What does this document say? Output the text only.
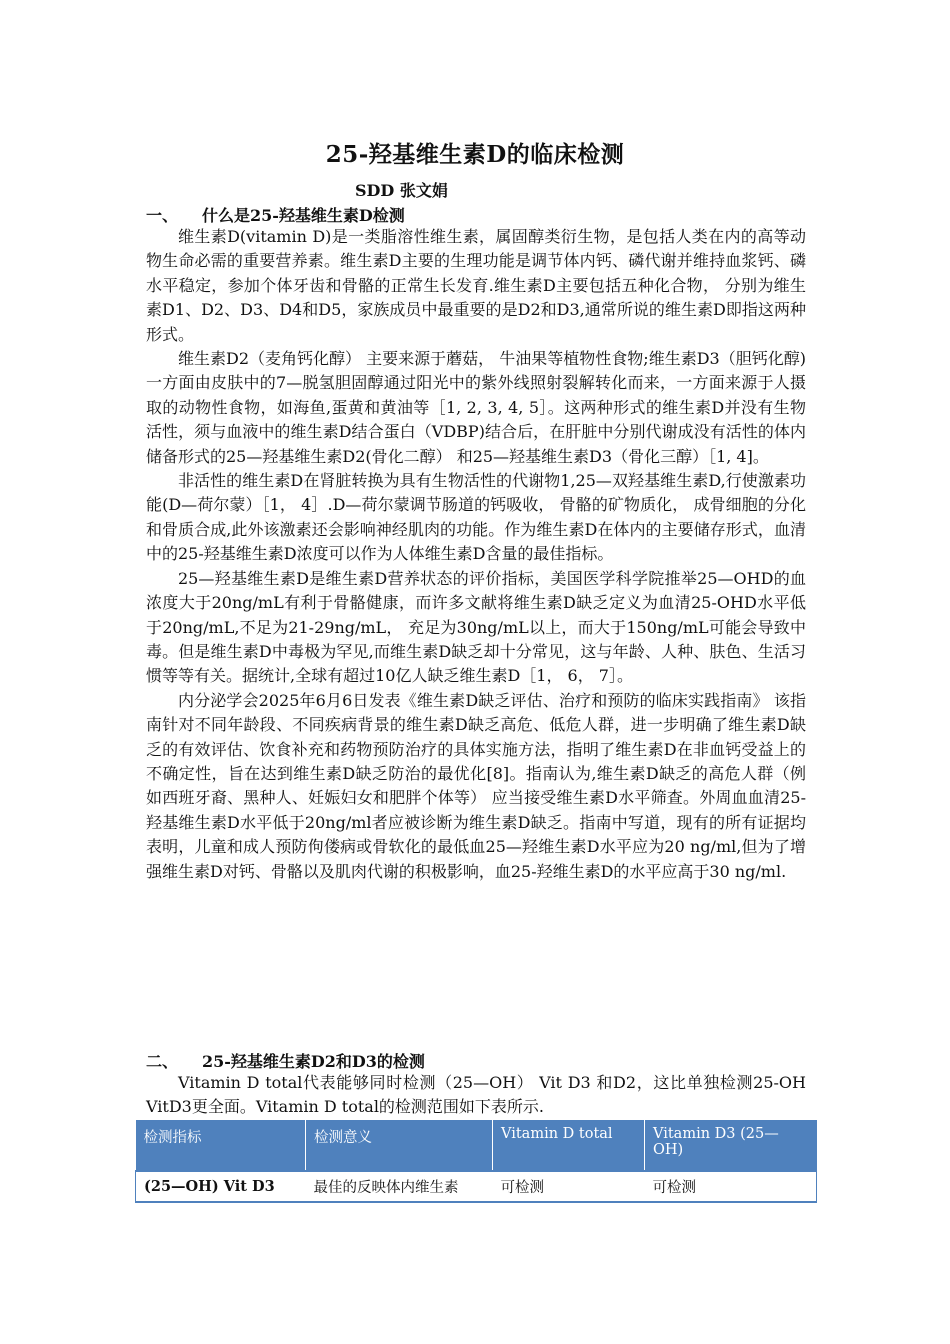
25-羟基维生素D的临床检测
SDD 张文娟
一、 什么是25-羟基维生素D检测

维生素D(vitamin D)是一类脂溶性维生素，属固醇类衍生物，是包括人类在内的高等动物生命必需的重要营养素。维生素D主要的生理功能是调节体内钙、磷代谢并维持血浆钙、磷水平稳定，参加个体牙齿和骨骼的正常生长发育.维生素D主要包括五种化合物， 分别为维生素D1、D2、D3、D4和D5，家族成员中最重要的是D2和D3,通常所说的维生素D即指这两种形式。

维生素D2（麦角钙化醇） 主要来源于蘑菇， 牛油果等植物性食物;维生素D3（胆钙化醇) 一方面由皮肤中的7—脱氢胆固醇通过阳光中的紫外线照射裂解转化而来，一方面来源于人摄取的动物性食物，如海鱼,蛋黄和黄油等［1, 2, 3, 4, 5］。这两种形式的维生素D并没有生物活性，须与血液中的维生素D结合蛋白（VDBP)结合后，在肝脏中分别代谢成没有活性的体内储备形式的25—羟基维生素D2(骨化二醇） 和25—羟基维生素D3（骨化三醇）［1, 4]。

非活性的维生素D在肾脏转换为具有生物活性的代谢物1,25—双羟基维生素D,行使激素功能(D—荷尔蒙）［1， 4］.D—荷尔蒙调节肠道的钙吸收， 骨骼的矿物质化， 成骨细胞的分化和骨质合成,此外该激素还会影响神经肌肉的功能。作为维生素D在体内的主要储存形式，血清中的25-羟基维生素D浓度可以作为人体维生素D含量的最佳指标。

25—羟基维生素D是维生素D营养状态的评价指标，美国医学科学院推举25—OHD的血浓度大于20ng/mL有利于骨骼健康，而许多文献将维生素D缺乏定义为血清25-OHD水平低于20ng/mL,不足为21-29ng/mL， 充足为30ng/mL以上，而大于150ng/mL可能会导致中毒。但是维生素D中毒极为罕见,而维生素D缺乏却十分常见，这与年龄、人种、肤色、生活习惯等等有关。据统计,全球有超过10亿人缺乏维生素D［1， 6， 7］。

内分泌学会2025年6月6日发表《维生素D缺乏评估、治疗和预防的临床实践指南》 该指南针对不同年龄段、不同疾病背景的维生素D缺乏高危、低危人群，进一步明确了维生素D缺乏的有效评估、饮食补充和药物预防治疗的具体实施方法，指明了维生素D在非血钙受益上的不确定性，旨在达到维生素D缺乏防治的最优化[8]。指南认为,维生素D缺乏的高危人群（例如西班牙裔、黑种人、妊娠妇女和肥胖个体等） 应当接受维生素D水平筛查。外周血血清25-羟基维生素D水平低于20ng/ml者应被诊断为维生素D缺乏。指南中写道，现有的所有证据均表明，儿童和成人预防佝偻病或骨软化的最低血25—羟维生素D水平应为20 ng/ml,但为了增强维生素D对钙、骨骼以及肌肉代谢的积极影响，血25-羟维生素D的水平应高于30 ng/ml.

二、 25-羟基维生素D2和D3的检测

Vitamin D total代表能够同时检测（25—OH） Vit D3 和D2，这比单独检测25-OH VitD3更全面。Vitamin D total的检测范围如下表所示.

检测指标	检测意义	Vitamin D total	Vitamin D3 (25—OH)
(25—OH) Vit D3	最佳的反映体内维生素	可检测	可检测
